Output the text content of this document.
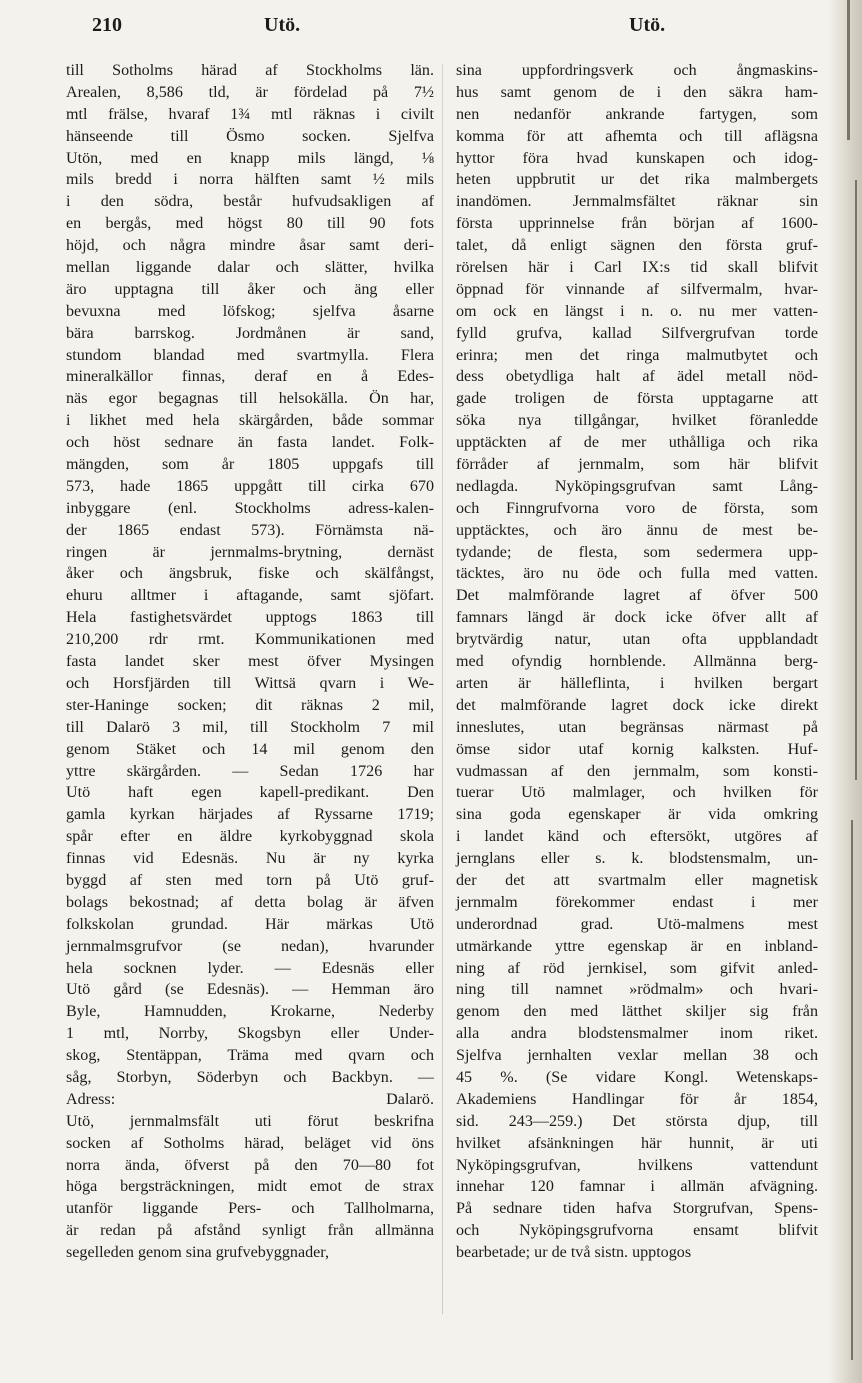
210	Utö.	Utö.
till Sotholms härad af Stockholms län.
Arealen, 8,586 tld, är fördelad på 7½
mtl frälse, hvaraf 1¾ mtl räknas i civilt
hänseende till Ösmo socken. Sjelfva
Utön, med en knapp mils längd, ⅛
mils bredd i norra hälften samt ½ mils
i den södra, består hufvudsakligen af
en bergås, med högst 80 till 90 fots
höjd, och några mindre åsar samt deri-
mellan liggande dalar och slätter, hvilka
äro upptagna till åker och äng eller
bevuxna med löfskog; sjelfva åsarne
bära barrskog. Jordmånen är sand,
stundom blandad med svartmylla. Flera
mineralkällor finnas, deraf en å Edes-
näs egor begagnas till helsokälla. Ön har,
i likhet med hela skärgården, både sommar
och höst sednare än fasta landet. Folk-
mängden, som år 1805 uppgafs till
573, hade 1865 uppgått till cirka 670
inbyggare (enl. Stockholms adress-kalen-
der 1865 endast 573). Förnämsta nä-
ringen är jernmalms-brytning, dernäst
åker och ängsbruk, fiske och skälfångst,
ehuru alltmer i aftagande, samt sjöfart.
Hela fastighetsvärdet upptogs 1863 till
210,200 rdr rmt. Kommunikationen med
fasta landet sker mest öfver Mysingen
och Horsfjärden till Wittsä qvarn i We-
ster-Haninge socken; dit räknas 2 mil,
till Dalarö 3 mil, till Stockholm 7 mil
genom Stäket och 14 mil genom den
yttre skärgården. — Sedan 1726 har
Utö haft egen kapell-predikant. Den
gamla kyrkan härjades af Ryssarne 1719;
spår efter en äldre kyrkobyggnad skola
finnas vid Edesnäs. Nu är ny kyrka
byggd af sten med torn på Utö gruf-
bolags bekostnad; af detta bolag är äfven
folkskolan grundad. Här märkas Utö
jernmalmsgrufvor (se nedan), hvarunder
hela socknen lyder. — Edesnäs eller
Utö gård (se Edesnäs). — Hemman äro
Byle, Hamnudden, Krokarne, Nederby
1 mtl, Norrby, Skogsbyn eller Under-
skog, Stentäppan, Träma med qvarn och
såg, Storbyn, Söderbyn och Backbyn. —
Adress: Dalarö.
Utö, jernmalmsfält uti förut beskrifna
socken af Sotholms härad, beläget vid öns
norra ända, öfverst på den 70—80 fot
höga bergsträckningen, midt emot de strax
utanför liggande Pers- och Tallholmarna,
är redan på afstånd synligt från allmänna
segelleden genom sina grufvebyggnader,
sina uppfordringsverk och ångmaskins-
hus samt genom de i den säkra ham-
nen nedanför ankrande fartygen, som
komma för att afhemta och till aflägsna
hyttor föra hvad kunskapen och idog-
heten uppbrutit ur det rika malmbergets
inandömen. Jernmalmsfältet räknar sin
första upprinnelse från början af 1600-
talet, då enligt sägnen den första gruf-
rörelsen här i Carl IX:s tid skall blifvit
öppnad för vinnande af silfvermalm, hvar-
om ock en längst i n. o. nu mer vatten-
fylld grufva, kallad Silfvergrufvan torde
erinra; men det ringa malmutbytet och
dess obetydliga halt af ädel metall nöd-
gade troligen de första upptagarne att
söka nya tillgångar, hvilket föranledde
upptäckten af de mer uthålliga och rika
förråder af jernmalm, som här blifvit
nedlagda. Nyköpingsgrufvan samt Lång-
och Finngrufvorna voro de första, som
upptäcktes, och äro ännu de mest be-
tydande; de flesta, som sedermera upp-
täcktes, äro nu öde och fulla med vatten.
Det malmförande lagret af öfver 500
famnars längd är dock icke öfver allt af
brytvärdig natur, utan ofta uppblandadt
med ofyndig hornblende. Allmänna berg-
arten är hälleflinta, i hvilken bergart
det malmförande lagret dock icke direkt
inneslutes, utan begränsas närmast på
ömse sidor utaf kornig kalksten. Huf-
vudmassan af den jernmalm, som konsti-
tuerar Utö malmlager, och hvilken för
sina goda egenskaper är vida omkring
i landet känd och eftersökt, utgöres af
jernglans eller s. k. blodstensmalm, un-
der det att svartmalm eller magnetisk
jernmalm förekommer endast i mer
underordnad grad. Utö-malmens mest
utmärkande yttre egenskap är en inbland-
ning af röd jernkisel, som gifvit anled-
ning till namnet »rödmalm» och hvari-
genom den med lätthet skiljer sig från
alla andra blodstensmalmer inom riket.
Sjelfva jernhalten vexlar mellan 38 och
45 %. (Se vidare Kongl. Wetenskaps-
Akademiens Handlingar för år 1854,
sid. 243—259.) Det största djup, till
hvilket afsänkningen här hunnit, är uti
Nyköpingsgrufvan, hvilkens vattendunt
innehar 120 famnar i allmän afvägning.
På sednare tiden hafva Storgrufvan, Spens-
och Nyköpingsgrufvorna ensamt blifvit
bearbetade; ur de två sistn. upptogos
